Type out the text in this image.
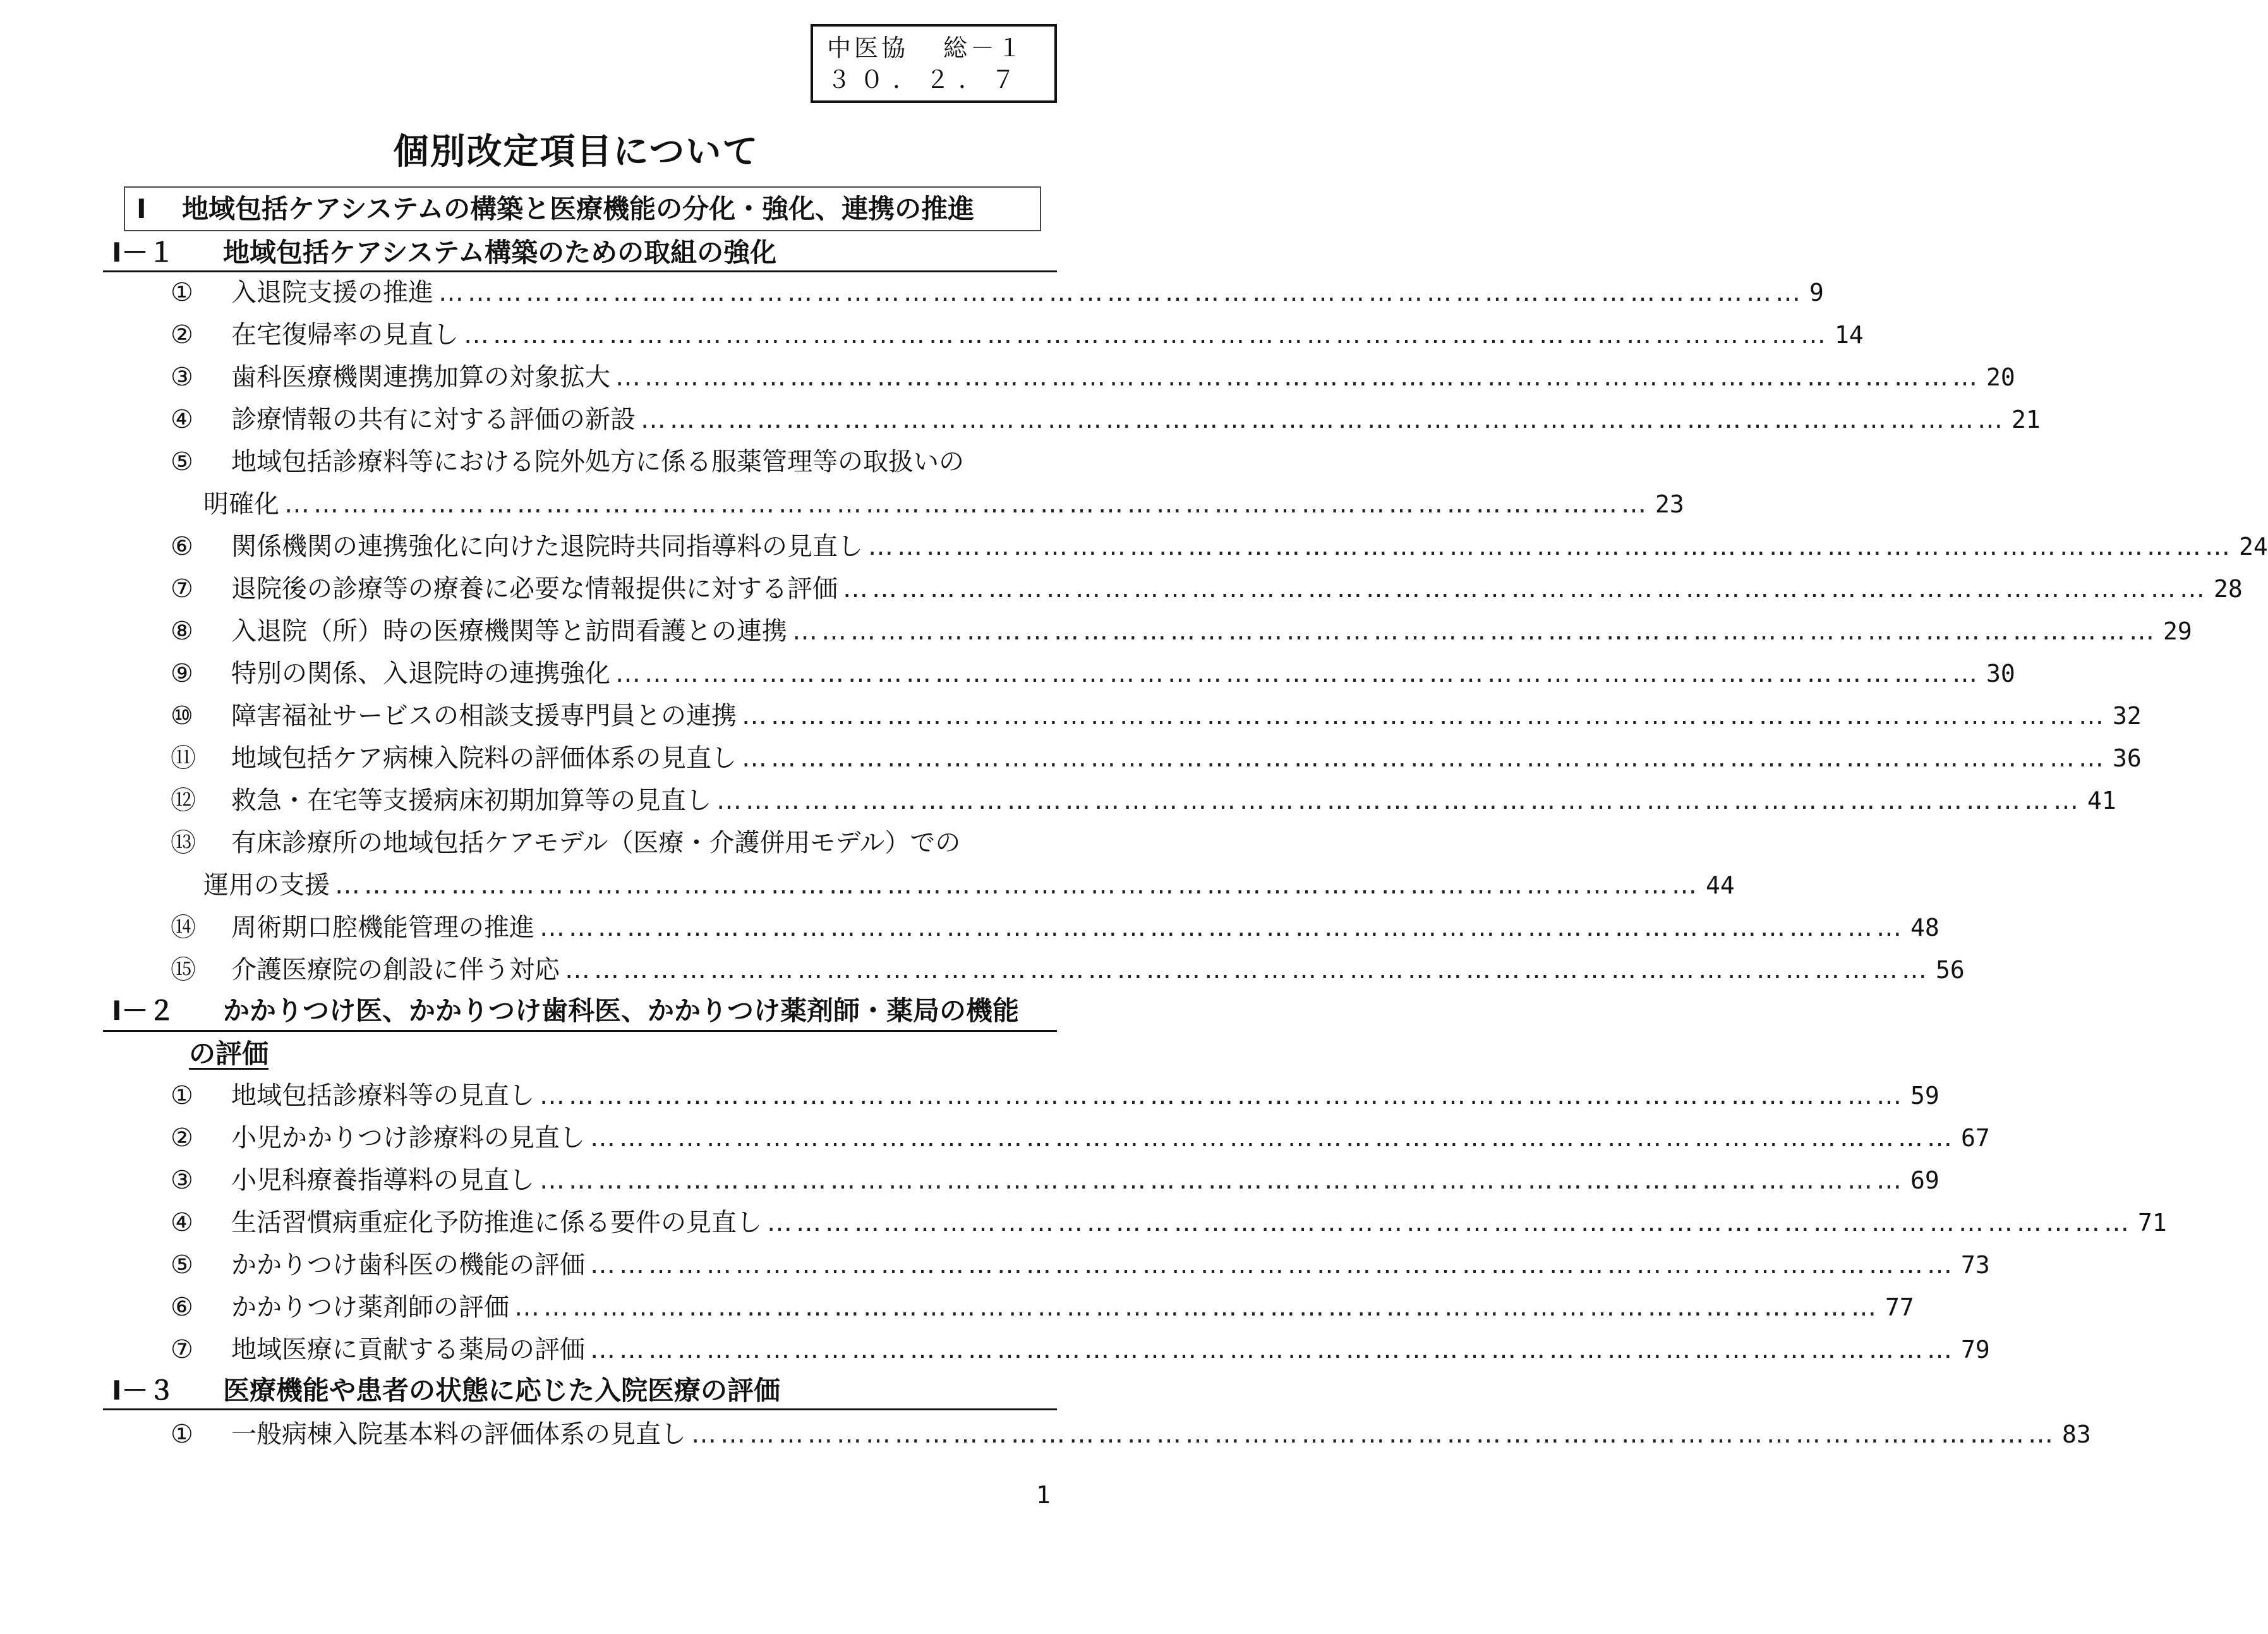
中医協 総－１
３０．２．７
個別改定項目について
Ⅰ 地域包括ケアシステムの構築と医療機能の分化・強化、連携の推進
Ⅰ－１ 地域包括ケアシステム構築のための取組の強化
①	入退院支援の推進 …………………………………………………………………………………………………………………………… 9
②	在宅復帰率の見直し …………………………………………………………………………………………………………………………… 14
③	歯科医療機関連携加算の対象拡大 …………………………………………………………………………………………………………………………… 20
④	診療情報の共有に対する評価の新設 …………………………………………………………………………………………………………………………… 21
⑤	地域包括診療料等における院外処方に係る服薬管理等の取扱いの
明確化 …………………………………………………………………………………………………………………………… 23
⑥	関係機関の連携強化に向けた退院時共同指導料の見直し …………………………………………………………………………………………………………………………… 24
⑦	退院後の診療等の療養に必要な情報提供に対する評価 …………………………………………………………………………………………………………………………… 28
⑧	入退院（所）時の医療機関等と訪問看護との連携 …………………………………………………………………………………………………………………………… 29
⑨	特別の関係、入退院時の連携強化 …………………………………………………………………………………………………………………………… 30
⑩	障害福祉サービスの相談支援専門員との連携 …………………………………………………………………………………………………………………………… 32
⑪	地域包括ケア病棟入院料の評価体系の見直し …………………………………………………………………………………………………………………………… 36
⑫	救急・在宅等支援病床初期加算等の見直し …………………………………………………………………………………………………………………………… 41
⑬	有床診療所の地域包括ケアモデル（医療・介護併用モデル）での
運用の支援 …………………………………………………………………………………………………………………………… 44
⑭	周術期口腔機能管理の推進 …………………………………………………………………………………………………………………………… 48
⑮	介護医療院の創設に伴う対応 …………………………………………………………………………………………………………………………… 56
Ⅰ－２ かかりつけ医、かかりつけ歯科医、かかりつけ薬剤師・薬局の機能
の評価
①	地域包括診療料等の見直し …………………………………………………………………………………………………………………………… 59
②	小児かかりつけ診療料の見直し …………………………………………………………………………………………………………………………… 67
③	小児科療養指導料の見直し …………………………………………………………………………………………………………………………… 69
④	生活習慣病重症化予防推進に係る要件の見直し …………………………………………………………………………………………………………………………… 71
⑤	かかりつけ歯科医の機能の評価 …………………………………………………………………………………………………………………………… 73
⑥	かかりつけ薬剤師の評価 …………………………………………………………………………………………………………………………… 77
⑦	地域医療に貢献する薬局の評価 …………………………………………………………………………………………………………………………… 79
Ⅰ－３ 医療機能や患者の状態に応じた入院医療の評価
①	一般病棟入院基本料の評価体系の見直し …………………………………………………………………………………………………………………………… 83
1
